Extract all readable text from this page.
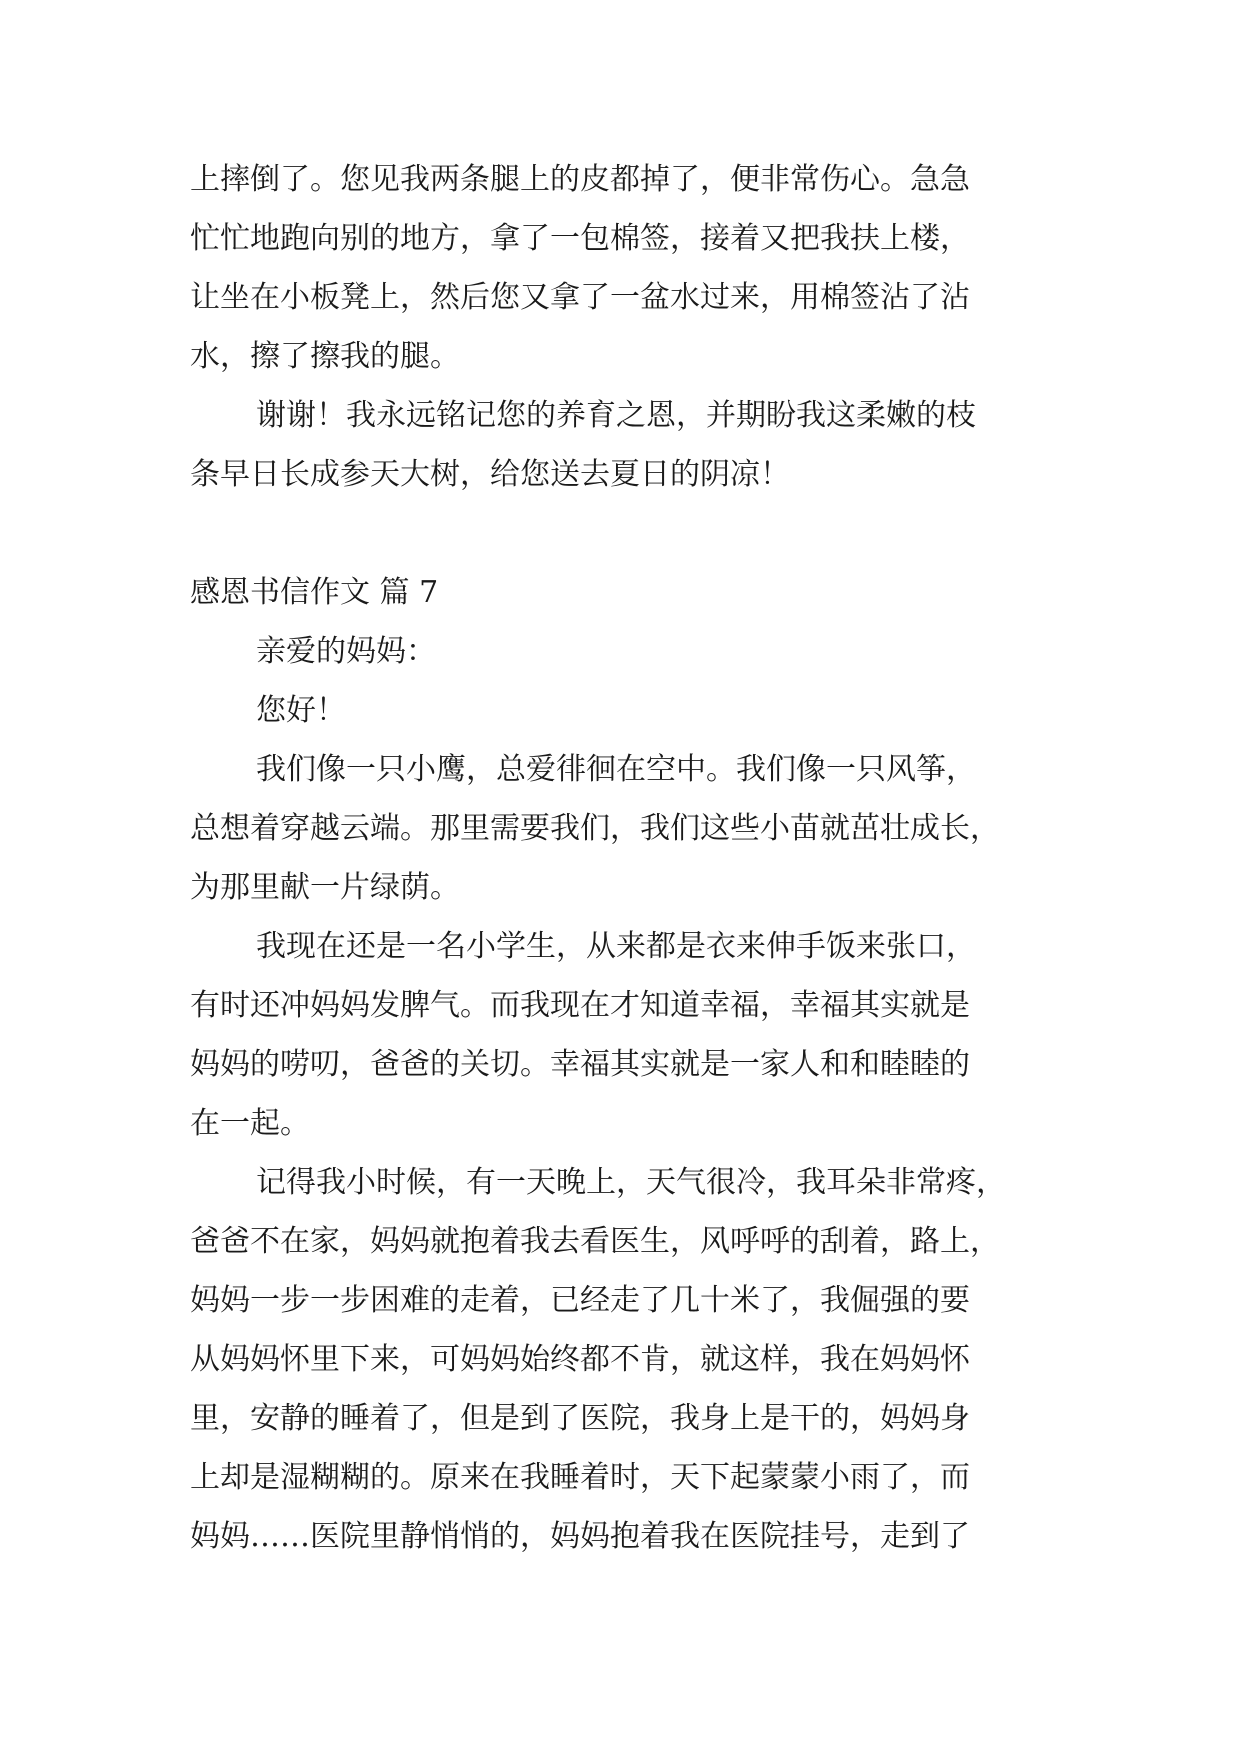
上摔倒了。您见我两条腿上的皮都掉了，便非常伤心。急急

忙忙地跑向别的地方，拿了一包棉签，接着又把我扶上楼，

让坐在小板凳上，然后您又拿了一盆水过来，用棉签沾了沾

水，擦了擦我的腿。

谢谢！我永远铭记您的养育之恩，并期盼我这柔嫩的枝

条早日长成参天大树，给您送去夏日的阴凉！

感恩书信作文 篇 7

亲爱的妈妈：

您好！

我们像一只小鹰，总爱徘徊在空中。我们像一只风筝，

总想着穿越云端。那里需要我们，我们这些小苗就茁壮成长，

为那里献一片绿荫。

我现在还是一名小学生，从来都是衣来伸手饭来张口，

有时还冲妈妈发脾气。而我现在才知道幸福，幸福其实就是

妈妈的唠叨，爸爸的关切。幸福其实就是一家人和和睦睦的

在一起。

记得我小时候，有一天晚上，天气很冷，我耳朵非常疼，

爸爸不在家，妈妈就抱着我去看医生，风呼呼的刮着，路上，

妈妈一步一步困难的走着，已经走了几十米了，我倔强的要

从妈妈怀里下来，可妈妈始终都不肯，就这样，我在妈妈怀

里，安静的睡着了，但是到了医院，我身上是干的，妈妈身

上却是湿糊糊的。原来在我睡着时，天下起蒙蒙小雨了，而

妈妈……医院里静悄悄的，妈妈抱着我在医院挂号，走到了
